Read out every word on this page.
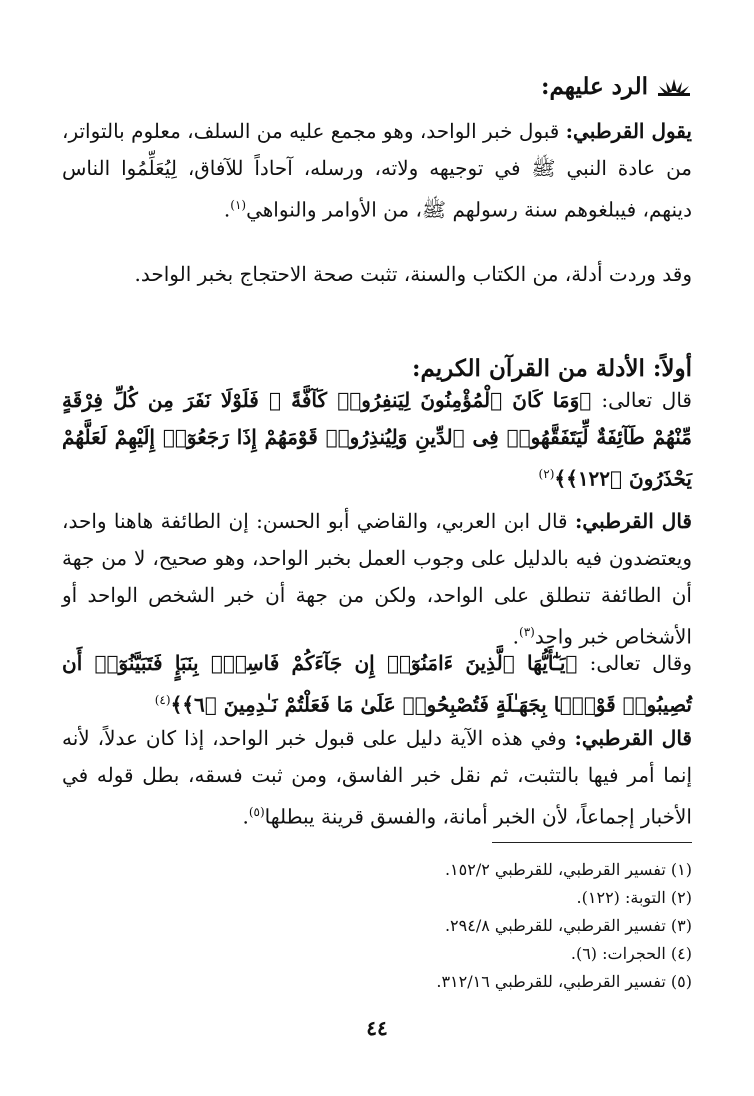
الرد عليهم:
يقول القرطبي: قبول خبر الواحد، وهو مجمع عليه من السلف، معلوم بالتواتر، من عادة النبي ﷺ في توجيهه ولاته، ورسله، آحاداً للآفاق، لِيُعَلِّمُوا الناس دينهم، فيبلغوهم سنة رسولهم ﷺ، من الأوامر والنواهي$^{(١)}$.
وقد وردت أدلة، من الكتاب والسنة، تثبت صحة الاحتجاج بخبر الواحد.
أولاً: الأدلة من القرآن الكريم:
قال تعالى: ﴿وَمَا كَانَ ٱلْمُؤْمِنُونَ لِيَنفِرُوا۟ كَآفَّةً ۚ فَلَوْلَا نَفَرَ مِن كُلِّ فِرْقَةٍ مِّنْهُمْ طَآئِفَةٌ لِّيَتَفَقَّهُوا۟ فِى ٱلدِّينِ وَلِيُنذِرُوا۟ قَوْمَهُمْ إِذَا رَجَعُوٓا۟ إِلَيْهِمْ لَعَلَّهُمْ يَحْذَرُونَ ﴿١٢٢﴾﴾$^{(٢)}$
قال القرطبي: قال ابن العربي، والقاضي أبو الحسن: إن الطائفة هاهنا واحد، ويعتضدون فيه بالدليل على وجوب العمل بخبر الواحد، وهو صحيح، لا من جهة أن الطائفة تنطلق على الواحد، ولكن من جهة أن خبر الشخص الواحد أو الأشخاص خبر واحد$^{(٣)}$.
وقال تعالى: ﴿يَـٰٓأَيُّهَا ٱلَّذِينَ ءَامَنُوٓا۟ إِن جَآءَكُمْ فَاسِقٌۢ بِنَبَإٍ فَتَبَيَّنُوٓا۟ أَن تُصِيبُوا۟ قَوْمًۢا بِجَهَـٰلَةٍ فَتُصْبِحُوا۟ عَلَىٰ مَا فَعَلْتُمْ نَـٰدِمِينَ ﴿٦﴾﴾$^{(٤)}$
قال القرطبي: وفي هذه الآية دليل على قبول خبر الواحد، إذا كان عدلاً، لأنه إنما أمر فيها بالتثبت، ثم نقل خبر الفاسق، ومن ثبت فسقه، بطل قوله في الأخبار إجماعاً، لأن الخبر أمانة، والفسق قرينة يبطلها$^{(٥)}$.
(١) تفسير القرطبي، للقرطبي ١٥٢/٢.
(٢) التوبة: (١٢٢).
(٣) تفسير القرطبي، للقرطبي ٢٩٤/٨.
(٤) الحجرات: (٦).
(٥) تفسير القرطبي، للقرطبي ٣١٢/١٦.
٤٤
